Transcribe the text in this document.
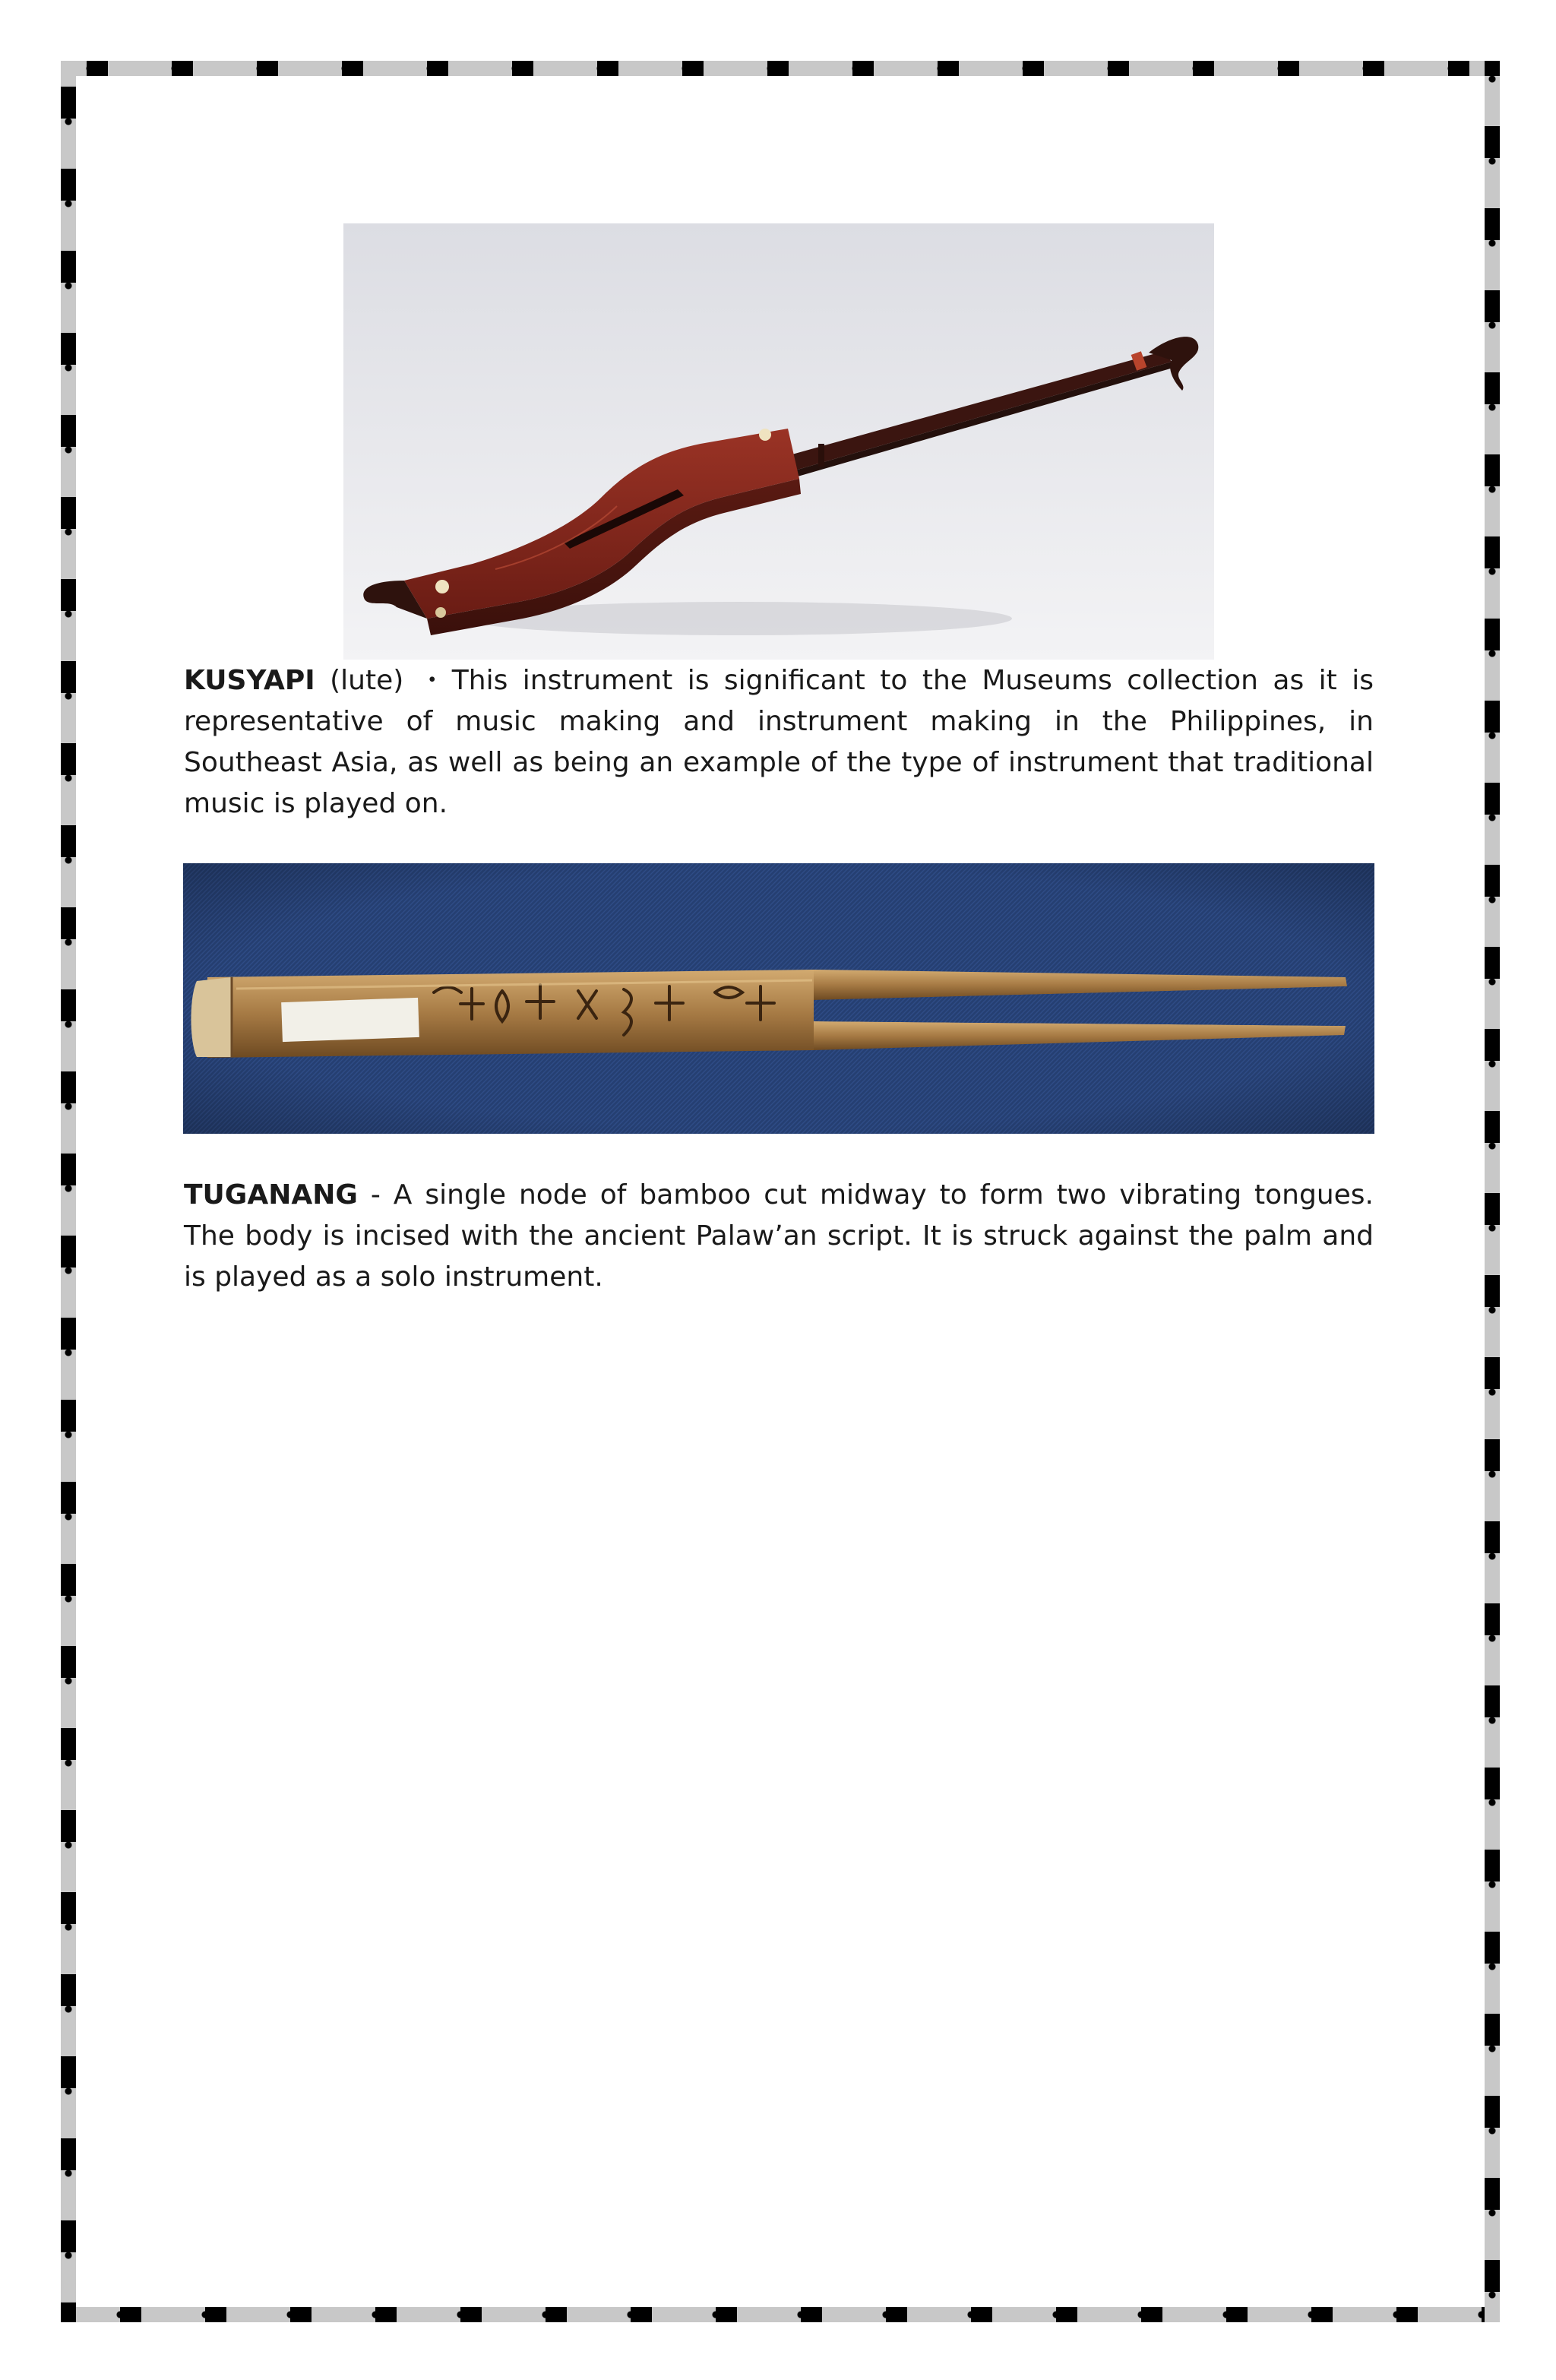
KUSYAPI (lute) ・This instrument is significant to the Museums collection as it is representative of music making and instrument making in the Philippines, in Southeast Asia, as well as being an example of the type of instrument that traditional music is played on.

TUGANANG - A single node of bamboo cut midway to form two vibrating tongues. The body is incised with the ancient Palaw’an script. It is struck against the palm and is played as a solo instrument.
